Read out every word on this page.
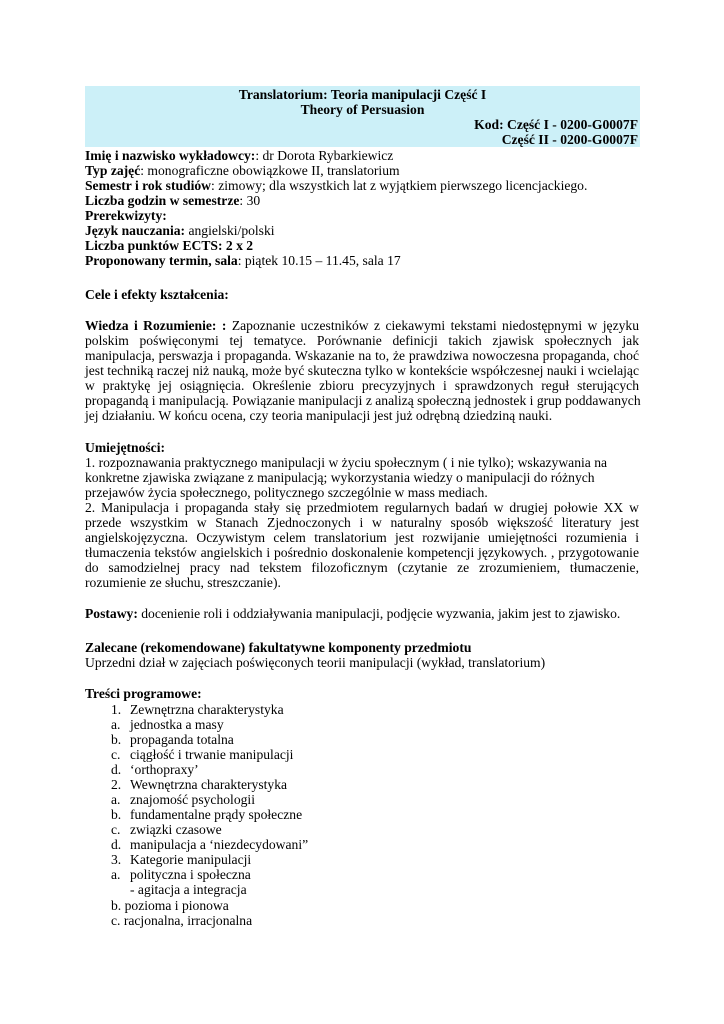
Translatorium: Teoria manipulacji Część I
Theory of Persuasion
Kod: Część I - 0200-G0007F
Część II - 0200-G0007F
Imię i nazwisko wykładowcy:: dr Dorota Rybarkiewicz
Typ zajęć: monograficzne obowiązkowe II, translatorium
Semestr i rok studiów: zimowy; dla wszystkich lat z wyjątkiem pierwszego licencjackiego.
Liczba godzin w semestrze: 30
Prerekwizyty:
Język nauczania: angielski/polski
Liczba punktów ECTS: 2 x 2
Proponowany termin, sala: piątek 10.15 – 11.45, sala 17
Cele i efekty kształcenia:
Wiedza i Rozumienie: : Zapoznanie uczestników z ciekawymi tekstami niedostępnymi w języku
polskim poświęconymi tej tematyce. Porównanie definicji takich zjawisk społecznych jak
manipulacja, perswazja i propaganda. Wskazanie na to, że prawdziwa nowoczesna propaganda, choć
jest techniką raczej niż nauką, może być skuteczna tylko w kontekście współczesnej nauki i wcielając
w praktykę jej osiągnięcia. Określenie zbioru precyzyjnych i sprawdzonych reguł sterujących
propagandą i manipulacją. Powiązanie manipulacji z analizą społeczną jednostek i grup poddawanych
jej działaniu. W końcu ocena, czy teoria manipulacji jest już odrębną dziedziną nauki.
Umiejętności:
1. rozpoznawania praktycznego manipulacji w życiu społecznym ( i nie tylko); wskazywania na
konkretne zjawiska związane z manipulacją; wykorzystania wiedzy o manipulacji do różnych
przejawów życia społecznego, politycznego szczególnie w mass mediach.
2. Manipulacja i propaganda stały się przedmiotem regularnych badań w drugiej połowie XX w
przede wszystkim w Stanach Zjednoczonych i w naturalny sposób większość literatury jest
angielskojęzyczna. Oczywistym celem translatorium jest rozwijanie umiejętności rozumienia i
tłumaczenia tekstów angielskich i pośrednio doskonalenie kompetencji językowych. , przygotowanie
do samodzielnej pracy nad tekstem filozoficznym (czytanie ze zrozumieniem, tłumaczenie,
rozumienie ze słuchu, streszczanie).
Postawy: docenienie roli i oddziaływania manipulacji, podjęcie wyzwania, jakim jest to zjawisko.
Zalecane (rekomendowane) fakultatywne komponenty przedmiotu
Uprzedni dział w zajęciach poświęconych teorii manipulacji (wykład, translatorium)
Treści programowe:
1. Zewnętrzna charakterystyka
a. jednostka a masy
b. propaganda totalna
c. ciągłość i trwanie manipulacji
d. ‘orthopraxy’
2. Wewnętrzna charakterystyka
a. znajomość psychologii
b. fundamentalne prądy społeczne
c. związki czasowe
d. manipulacja a ‘niezdecydowani”
3. Kategorie manipulacji
a. polityczna i społeczna
- agitacja a integracja
b. pozioma i pionowa
c. racjonalna, irracjonalna
